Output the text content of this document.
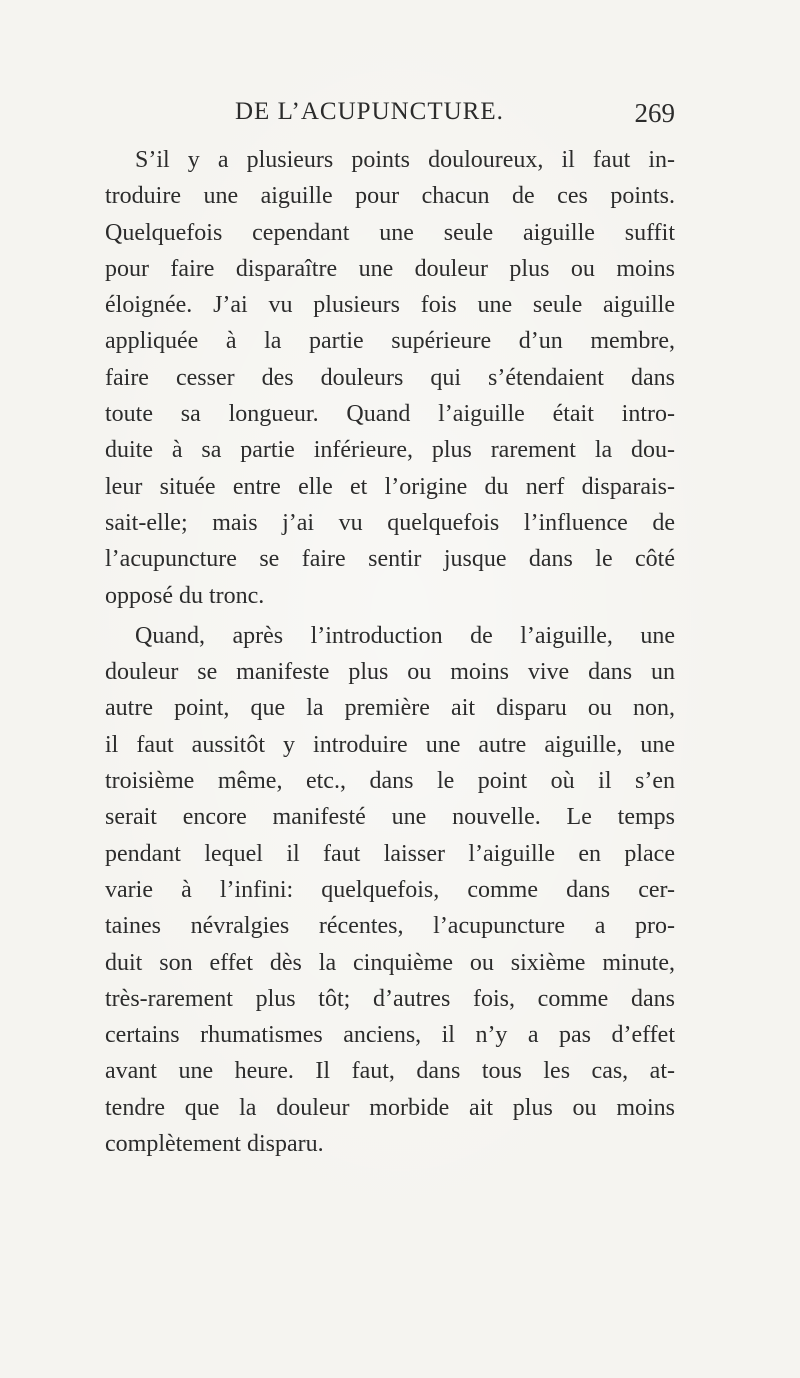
DE L’ACUPUNCTURE.	269
S’il y a plusieurs points douloureux, il faut in-
troduire une aiguille pour chacun de ces points.
Quelquefois cependant une seule aiguille suffit
pour faire disparaître une douleur plus ou moins
éloignée. J’ai vu plusieurs fois une seule aiguille
appliquée à la partie supérieure d’un membre,
faire cesser des douleurs qui s’étendaient dans
toute sa longueur. Quand l’aiguille était intro-
duite à sa partie inférieure, plus rarement la dou-
leur située entre elle et l’origine du nerf disparais-
sait-elle; mais j’ai vu quelquefois l’influence de
l’acupuncture se faire sentir jusque dans le côté
opposé du tronc.
Quand, après l’introduction de l’aiguille, une
douleur se manifeste plus ou moins vive dans un
autre point, que la première ait disparu ou non,
il faut aussitôt y introduire une autre aiguille, une
troisième même, etc., dans le point où il s’en
serait encore manifesté une nouvelle. Le temps
pendant lequel il faut laisser l’aiguille en place
varie à l’infini: quelquefois, comme dans cer-
taines névralgies récentes, l’acupuncture a pro-
duit son effet dès la cinquième ou sixième minute,
très-rarement plus tôt; d’autres fois, comme dans
certains rhumatismes anciens, il n’y a pas d’effet
avant une heure. Il faut, dans tous les cas, at-
tendre que la douleur morbide ait plus ou moins
complètement disparu.
